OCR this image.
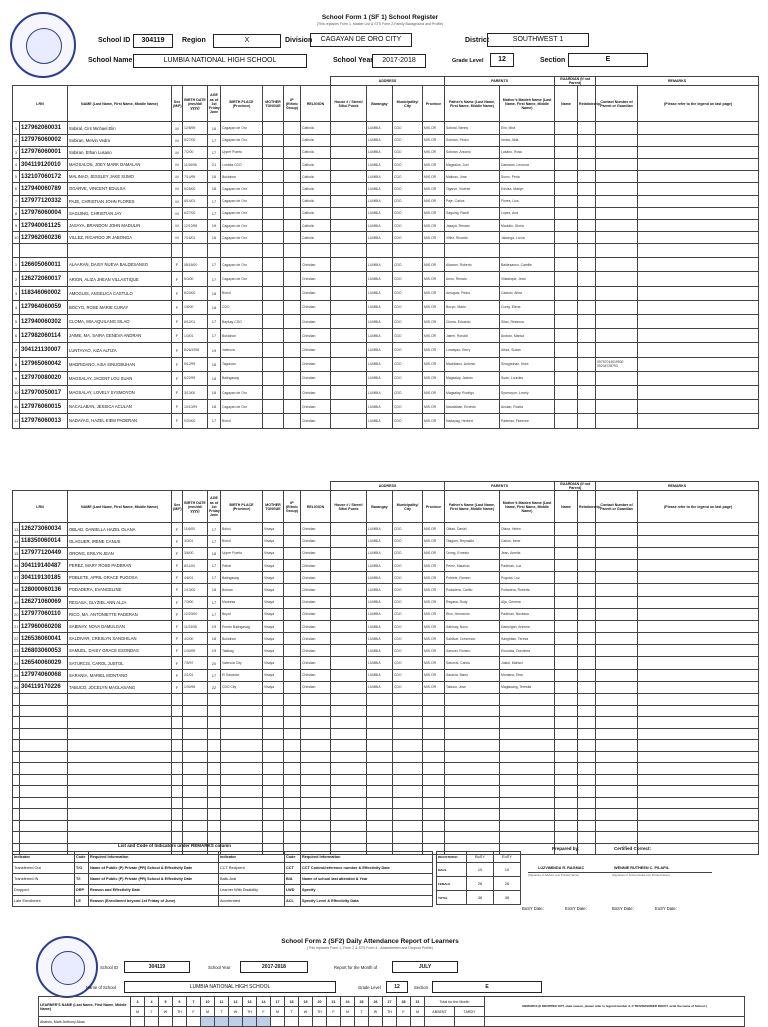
School Form 1 (SF 1) School Register
(This replaces Form 1, Master List & STS Form 2-Family Background and Profile)
School ID	304119	Region	X	Division	CAGAYAN DE ORO CITY	District	SOUTHWEST 1
School Name	LUMBIA NATIONAL HIGH SCHOOL	School Year	2017-2018	Grade Level	12	Section	E
										ADDRESS				PARENTS		GUARDIAN (If not Parent)		REMARKS	
LRN		NAME (Last Name, First Name, Middle Name)	Sex (M/F)	BIRTH DATE (mm/dd/ yyyy)	AGE as of 1st Friday June	BIRTH PLACE (Province)	MOTHER TONGUE	IP (Ethnic Group)	RELIGION	House # / Street/ Sitio/ Purok	Barangay	Municipality/ City	Province	Father's Name (Last Name, First Name, Middle Name)	Mother's Maiden Name (Last Name, First Name, Middle Name)	Name	Relationship	Contact Number of Parent or Guardian	(Please refer to the legend on last page)
1	127962060031	Sobiral, Cirs Michael Elin	M	12/8/99	18	Cagayan de Oro			Catholic		LUMBIA	CDO	MIS.OR	Sobiral, Benny	Elin, Mira				
2	127976060002	Sobiran, Melvin Vedra	M	5/27/00	17	Cagayan de Oro			Catholic		LUMBIA	CDO	MIS.OR	Sobiran, Pedro	Vedra, Aida				
3	127976060001	Sobiran, Ethan Lusano	M	7/2/00	17	Upper Puerto			Catholic		LUMBIA	CDO	MIS.OR	Sobiran, Antonio	Lusano, Rosa				
4	304119120010	MAGSALOS, JOEY MARK DAMALAN	M	11/26/96	21	Lumbia CDO			Catholic		LUMBIA	CDO	MIS.OR	Magsalos, Joel	Damalan, Leonora				
5	132107060172	MALINAO, JESSLEY JAKE SUMO	M	7/14/99	18	Bukidnon			Catholic		LUMBIA	CDO	MIS.OR	Malinao, Jose	Sumo, Perla				
6	127940060789	OGARVE, VINCENT EDULSA	M	5/25/00	18	Cagayan de Oro			Catholic		LUMBIA	CDO	MIS.OR	Ogarve, Vicente	Edulsa, Marlyn				
7	127977120332	PAJE, CHRISTIAN JOHN FLORES	M	6/14/01	17	Cagayan de Oro			Catholic		LUMBIA	CDO	MIS.OR	Paje, Carlos	Flores, Liza				
8	127976060004	SAGUING, CHRISTIAN JAY	M	6/27/00	17	Cagayan de Oro			Catholic		LUMBIA	CDO	MIS.OR	Saguing, Ramil	Lopez, Ana				
9	127940061125	JASAYA, BRANDON JOHN MADULIN	M	12/12/98	19	Cagayan de Oro			Catholic		LUMBIA	CDO	MIS.OR	Jasaya, Renato	Madulin, Gloria				
10	127962060236	VILLEZ, RICARDO JR JABONGA	M	7/16/01	16	Cagayan de Oro			Catholic		LUMBIA	CDO	MIS.OR	Villez, Ricardo	Jabonga, Lorna				

1	126605060011	ALAARAN, DAISY NUEVA BALDESANSO	F	08/18/00	17	Cagayan de Oro			Christian		LUMBIA	CDO	MIS.OR	Alaaran, Roberto	Baldesanso, Camille				
2	126272060017	ARION, ALIZA JHEAN VILLASTIQUE	F	5/3/00	17	Cagayan de Oro			Christian		LUMBIA	CDO	MIS.OR	Arion, Renato	Villastique, Jean				
3	118346060002	AMOGUIS, ANGELICA CASTULO	F	8/20/00	18	Bohol			Christian		LUMBIA	CDO	MIS.OR	Amoguis, Pedro	Castulo, Alma				
4	127964060059	BOCYO, ROSE MARIE CURAY	F	1/6/00	18	CDO			Christian		LUMBIA	CDO	MIS.OR	Bocyo, Mario	Curay, Elena				
5	127940060302	CLOMA, MIA AQUILANG SILAO	F	6/12/01	17	Baybay CDO			Christian		LUMBIA	CDO	MIS.OR	Cloma, Eduardo	Silao, Rebecca				
6	127982060114	JAIME, MA. SAIRA GENEVA ANDRAN	F	1/3/01	17	Bukidnon			Christian		LUMBIA	CDO	MIS.OR	Jaime, Ronald	Andran, Marisa				
7	304121130007	LUNTAYAO, AIZA ALTIZA	F	8/26/1998	19	Valencia			Christian		LUMBIA	CDO	MIS.OR	Luntayao, Gerry	Altiza, Susan				
8	127965060042	MADRIDANO, AISA SINUGBUHAN	F	5/12/99	18	Tagoloan			Christian		LUMBIA	CDO	MIS.OR	Madridano, Antonio	Sinugbuhan, Nora			09757014019930 09204728793	
9	127970080020	MAGSALAY, JACENT LOU SUAN	F	6/22/99	18	Balingasag			Christian		LUMBIA	CDO	MIS.OR	Magsalay, Jacinto	Suan, Lourdes				
10	127970050017	MAGSALAY, LOVELY SYSMOYON	F	3/13/00	18	Cagayan de Oro			Christian		LUMBIA	CDO	MIS.OR	Magsalay, Rodrigo	Sysmoyon, Lovely				
11	127976060015	NACALABAN, JESSICA ACULAN	F	10/10/99	18	Cagayan de Oro			Christian		LUMBIA	CDO	MIS.OR	Nacalaban, Ernesto	Aculan, Rosita				
12	127976060013	NADAYAG, HAZEL KIEM PADERAN	F	9/20/00	17	Bohol			Christian		LUMBIA	CDO	MIS.OR	Nadayag, Herbert	Paderan, Florence				
										ADDRESS				PARENTS		GUARDIAN (If not Parent)		REMARKS	
LRN		NAME (Last Name, First Name, Middle Name)	Sex (M/F)	BIRTH DATE (mm/dd/ yyyy)	AGE as of 1st Friday June	BIRTH PLACE (Province)	MOTHER TONGUE	IP (Ethnic Group)	RELIGION	House # / Street/ Sitio/ Purok	Barangay	Municipality/ City	Province	Father's Name (Last Name, First Name, Middle Name)	Mother's Maiden Name (Last Name, First Name, Middle Name)	Name	Relationship	Contact Number of Parent or Guardian	(Please refer to the legend on last page)
13	126273060034	OBLAD, DANIELLA HAZEL OLANA	F	11/6/00	17	Bohol	Visaya		Christian		LUMBIA	CDO	MIS.OR	Oblad, Daniel	Olana, Helen				
14	118350060014	OLAGUER, IRENE CANUS	F	3/3/01	17	Bohol	Visaya		Christian		LUMBIA	CDO	MIS.OR	Olaguer, Reynaldo	Canus, Irene				
15	127977120449	ORONG, ERILYN JEAN	F	3/6/00	18	Upper Puerto	Visaya		Christian		LUMBIA	CDO	MIS.OR	Orong, Ernesto	Jean, Amelia				
16	304119140487	PEREZ, MARY ROSE PADERAN	F	8/11/00	17	Patrat	Visaya		Christian		LUMBIA	CDO	MIS.OR	Perez, Mauricio	Paderan, Luz				
17	304119130185	POBLETE, APRIL GRACE PUGOSA	F	4/8/01	17	Balingasag	Visaya		Christian		LUMBIA	CDO	MIS.OR	Poblete, Ramon	Pugosa, Luz				
18	128000060136	PODADERA, EVANGELINE	F	1/10/00	18	Butuan	Visaya		Christian		LUMBIA	CDO	MIS.OR	Podadera, Carlito	Podadera, Roberta				
19	126271060069	REGASA, GLYZIEL ANN ALJA	F	7/3/00	17	Manresa	Visaya		Christian		LUMBIA	CDO	MIS.OR	Regasa, Rudy	Alja, Gemma				
20	127977060110	RICO, MA. ANTONIETTE PADERAN	F	12/20/00	17	Buyot	Visaya		Christian		LUMBIA	CDO	MIS.OR	Rico, Hernando	Paderan, Nicolasa				
21	127960060208	SABINAY, NOVA DAMULGAN	F	11/24/98	19	Puerto Balingasag	Visaya		Christian		LUMBIA	CDO	MIS.OR	Sabinay, Novo	Damulgan, Arsenia				
22	126536060041	SALDIVAR, CRESLYN SANGHILAN	F	4/2/00	18	Bukidnon	Visaya		Christian		LUMBIA	CDO	MIS.OR	Saldivar, Cresencio	Sanghilan, Teresa				
23	126803060053	SAMUEL, DAISY GRACE ESONDAS	F	1/30/99	19	Talakag	Visaya		Christian		LUMBIA	CDO	MIS.OR	Samuel, Romeo	Esondas, Dorothea				
24	126540060029	SATURCIS, CAROL JUSTOL	F	7/5/97	20	Valencia City	Visaya		Christian		LUMBIA	CDO	MIS.OR	Saturcis, Carlos	Justol, Marisol				
25	127974060068	SARANIA, MARIEL MONTANO	F	2/1/01	17	El Salvador	Visaya		Christian		LUMBIA	CDO	MIS.OR	Sarania, Mario	Montano, Elsa				
26	304119170226	TABUCO, JOCELYN MAGLASANG	F	1/30/96	22	CDO City	Visaya		Christian		LUMBIA	CDO	MIS.OR	Tabuco, Jose	Maglasang, Teresita				

List and Code of Indicators under REMARKS column
Indicator	Code	Required Information	Indicator	Code	Required Information
Transferred Out	T/O	Name of Public (P) Private (PR) School & Effectivity Date	CCT Recipient	CCT	CCT Control/reference number & Effectivity Date
Transferred IN	T/I	Name of Public (P) Private (PR) School & Effectivity Date	Balik-Aral	B/A	Name of school last attended & Year
Dropped	DRP	Reason and Effectivity Date	Learner With Disability	LWD	Specify
Late Enrollment	LE	Reason (Enrollment beyond 1st Friday of June)	Accelerated	ACL	Specify Level & Effectivity Data
REGISTERED	BoSY	EoSY
MALE	10	10
FEMALE	26	26
TOTAL	36	36
Prepared by:
LUZVIMINDA R. RAGMAC
(Signature of Adviser over Printed Name)
Certified Correct:
WENNIE RUTHEEN C. PILAPIL
(Signature of School Head over Printed Name)
BoSY Date:	EoSY Date:	BoSY Date:	EoSY Date:
School Form 2 (SF2) Daily Attendance Report of Learners
(This replaces Form 1, Form 2 & STS Form 4 - Absenteeism and Dropout Profile)
School ID	304119	School Year	2017-2018	Report for the Month of	JULY
Name of School	LUMBIA NATIONAL HIGH SCHOOL	Grade Level	12	Section	E
LEARNER'S NAME (Last Name, First Name, Middle Name)	3	4	5	6	7	10	11	12	13	14	17	18	19	20	21	24	25	26	27	28	31	Total for the Month		REMARKS (If DROPPED OUT, state reason, please refer to legend number 2. If TRANSFERRED IN/OUT, write the name of School.)
	M	T	W	TH	F	M	T	W	TH	F	M	T	W	TH	F	M	T	W	TH	F	M	ABSENT	TARDY	
Abaisin, Mark Anthony Abas																								
